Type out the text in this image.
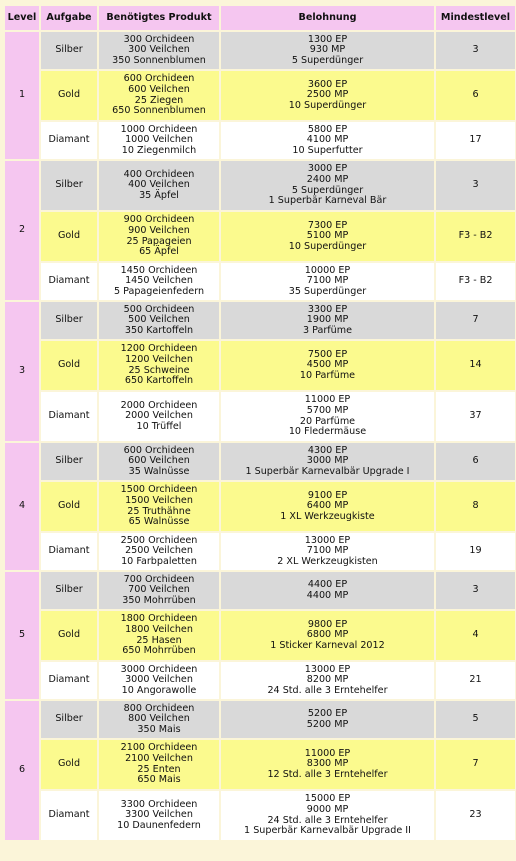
Level	Aufgabe	Benötigtes Produkt	Belohnung	Mindestlevel
1	Silber	300 Orchideen
300 Veilchen
350 Sonnenblumen	1300 EP
930 MP
5 Superdünger	3
	Gold	600 Orchideen
600 Veilchen
25 Ziegen
650 Sonnenblumen	3600 EP
2500 MP
10 Superdünger	6
	Diamant	1000 Orchideen
1000 Veilchen
10 Ziegenmilch	5800 EP
4100 MP
10 Superfutter	17
2	Silber	400 Orchideen
400 Veilchen
35 Äpfel	3000 EP
2400 MP
5 Superdünger
1 Superbär Karneval Bär	3
	Gold	900 Orchideen
900 Veilchen
25 Papageien
65 Äpfel	7300 EP
5100 MP
10 Superdünger	F3 - B2
	Diamant	1450 Orchideen
1450 Veilchen
5 Papageienfedern	10000 EP
7100 MP
35 Superdünger	F3 - B2
3	Silber	500 Orchideen
500 Veilchen
350 Kartoffeln	3300 EP
1900 MP
3 Parfüme	7
	Gold	1200 Orchideen
1200 Veilchen
25 Schweine
650 Kartoffeln	7500 EP
4500 MP
10 Parfüme	14
	Diamant	2000 Orchideen
2000 Veilchen
10 Trüffel	11000 EP
5700 MP
20 Parfüme
10 Fledermäuse	37
4	Silber	600 Orchideen
600 Veilchen
35 Walnüsse	4300 EP
3000 MP
1 Superbär Karnevalbär Upgrade I	6
	Gold	1500 Orchideen
1500 Veilchen
25 Truthähne
65 Walnüsse	9100 EP
6400 MP
1 XL Werkzeugkiste	8
	Diamant	2500 Orchideen
2500 Veilchen
10 Farbpaletten	13000 EP
7100 MP
2 XL Werkzeugkisten	19
5	Silber	700 Orchideen
700 Veilchen
350 Mohrrüben	4400 EP
4400 MP	3
	Gold	1800 Orchideen
1800 Veilchen
25 Hasen
650 Mohrrüben	9800 EP
6800 MP
1 Sticker Karneval 2012	4
	Diamant	3000 Orchideen
3000 Veilchen
10 Angorawolle	13000 EP
8200 MP
24 Std. alle 3 Erntehelfer	21
6	Silber	800 Orchideen
800 Veilchen
350 Mais	5200 EP
5200 MP	5
	Gold	2100 Orchideen
2100 Veilchen
25 Enten
650 Mais	11000 EP
8300 MP
12 Std. alle 3 Erntehelfer	7
	Diamant	3300 Orchideen
3300 Veilchen
10 Daunenfedern	15000 EP
9000 MP
24 Std. alle 3 Erntehelfer
1 Superbär Karnevalbär Upgrade II	23
